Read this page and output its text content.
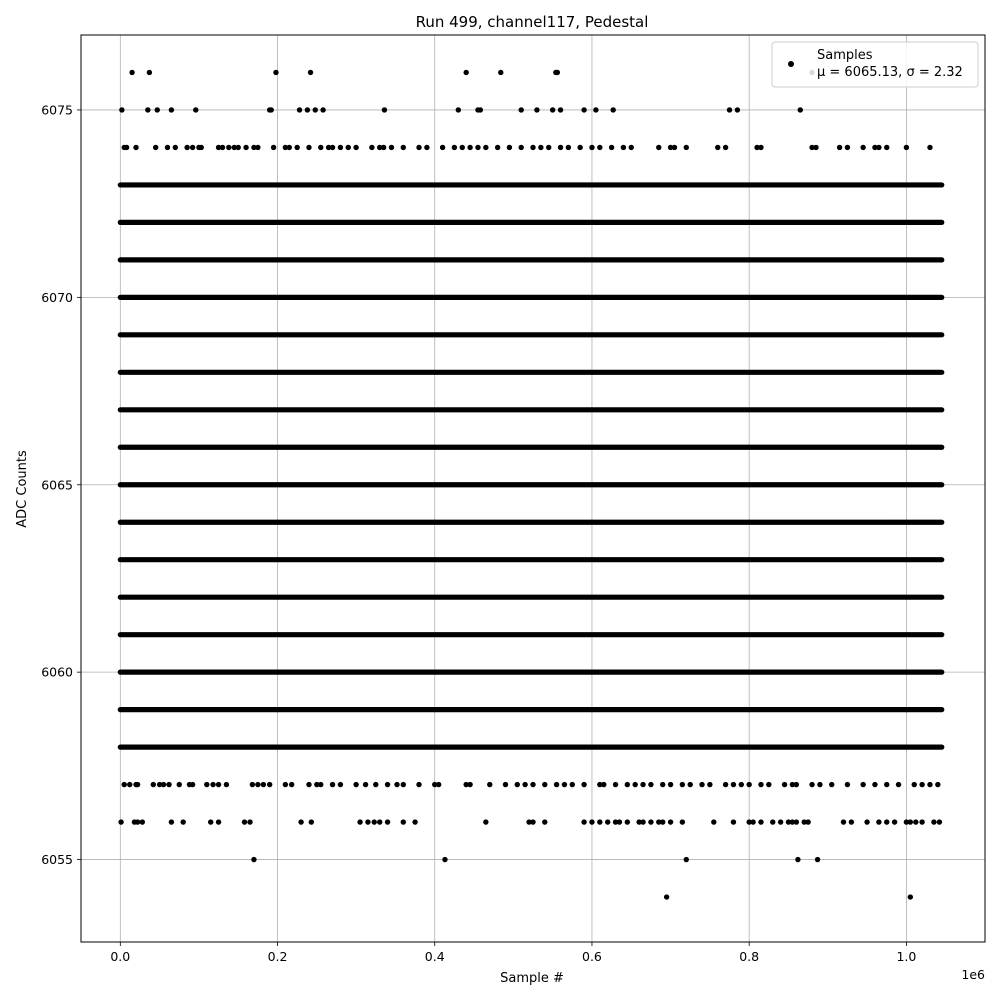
0.0	0.2	0.4	0.6	0.8	1.0
6055
6060
6065
6070
6075
Run 499, channel117, Pedestal
Sample #
ADC Counts
1e6
Samples
μ = 6065.13, σ = 2.32
